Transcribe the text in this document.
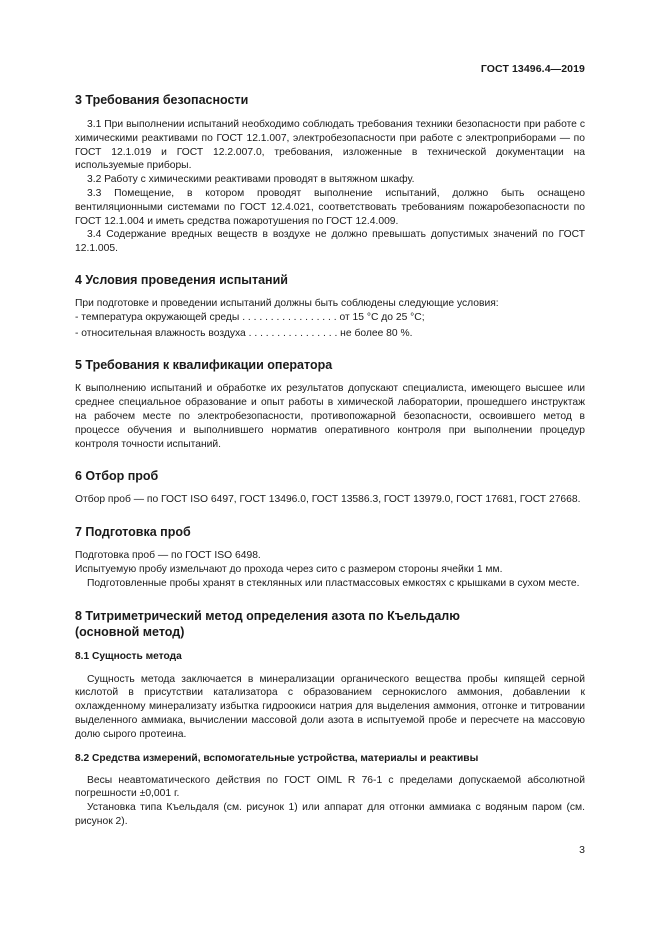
ГОСТ 13496.4—2019
3 Требования безопасности

3.1 При выполнении испытаний необходимо соблюдать требования техники безопасности при работе с химическими реактивами по ГОСТ 12.1.007, электробезопасности при работе с электроприборами — по ГОСТ 12.1.019 и ГОСТ 12.2.007.0, требования, изложенные в технической документации на используемые приборы.

3.2 Работу с химическими реактивами проводят в вытяжном шкафу.

3.3 Помещение, в котором проводят выполнение испытаний, должно быть оснащено вентиляционными системами по ГОСТ 12.4.021, соответствовать требованиям пожаробезопасности по ГОСТ 12.1.004 и иметь средства пожаротушения по ГОСТ 12.4.009.

3.4 Содержание вредных веществ в воздухе не должно превышать допустимых значений по ГОСТ 12.1.005.

4 Условия проведения испытаний

При подготовке и проведении испытаний должны быть соблюдены следующие условия:

- температура окружающей среды . . . . . . . . . . . . . . . . . от 15 °С до 25 °С;

- относительная влажность воздуха . . . . . . . . . . . . . . . . не более 80 %.

5 Требования к квалификации оператора

К выполнению испытаний и обработке их результатов допускают специалиста, имеющего высшее или среднее специальное образование и опыт работы в химической лаборатории, прошедшего инструктаж на рабочем месте по электробезопасности, противопожарной безопасности, освоившего метод в процессе обучения и выполнившего норматив оперативного контроля при выполнении процедур контроля точности испытаний.

6 Отбор проб

Отбор проб — по ГОСТ ISO 6497, ГОСТ 13496.0, ГОСТ 13586.3, ГОСТ 13979.0, ГОСТ 17681, ГОСТ 27668.

7 Подготовка проб

Подготовка проб — по ГОСТ ISO 6498.

Испытуемую пробу измельчают до прохода через сито с размером стороны ячейки 1 мм.

Подготовленные пробы хранят в стеклянных или пластмассовых емкостях с крышками в сухом месте.

8 Титриметрический метод определения азота по Къельдалю
(основной метод)
8.1 Сущность метода

Сущность метода заключается в минерализации органического вещества пробы кипящей серной кислотой в присутствии катализатора с образованием сернокислого аммония, добавлении к охлажденному минерализату избытка гидроокиси натрия для выделения аммония, отгонке и титровании выделенного аммиака, вычислении массовой доли азота в испытуемой пробе и пересчете на массовую долю сырого протеина.

8.2 Средства измерений, вспомогательные устройства, материалы и реактивы

Весы неавтоматического действия по ГОСТ OIML R 76-1 с пределами допускаемой абсолютной погрешности ±0,001 г.

Установка типа Къельдаля (см. рисунок 1) или аппарат для отгонки аммиака с водяным паром (см. рисунок 2).

3
